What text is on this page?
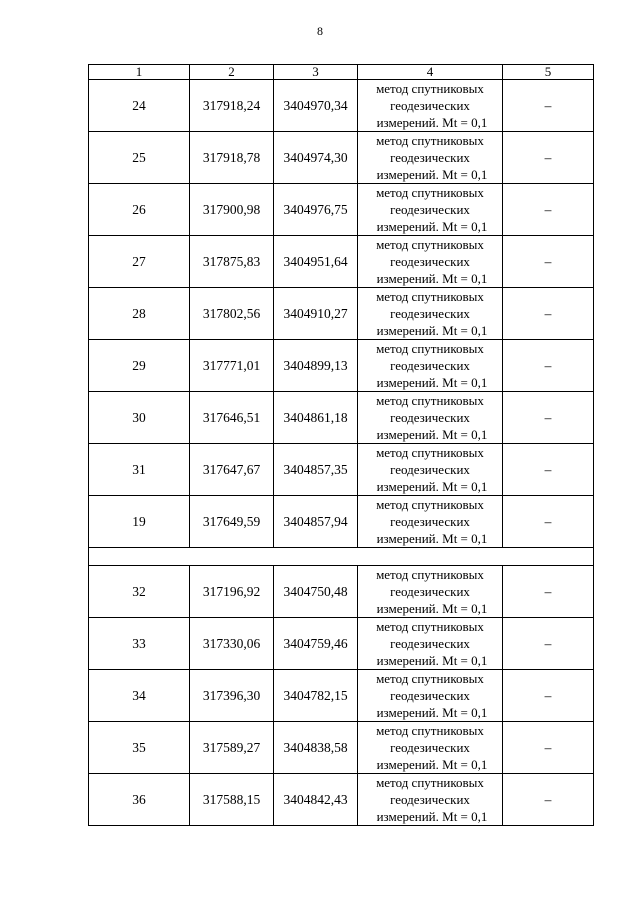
8
1	2	3	4	5
24	317918,24	3404970,34	метод спутниковых
геодезических
измерений. Mt = 0,1	–
25	317918,78	3404974,30	метод спутниковых
геодезических
измерений. Mt = 0,1	–
26	317900,98	3404976,75	метод спутниковых
геодезических
измерений. Mt = 0,1	–
27	317875,83	3404951,64	метод спутниковых
геодезических
измерений. Mt = 0,1	–
28	317802,56	3404910,27	метод спутниковых
геодезических
измерений. Mt = 0,1	–
29	317771,01	3404899,13	метод спутниковых
геодезических
измерений. Mt = 0,1	–
30	317646,51	3404861,18	метод спутниковых
геодезических
измерений. Mt = 0,1	–
31	317647,67	3404857,35	метод спутниковых
геодезических
измерений. Mt = 0,1	–
19	317649,59	3404857,94	метод спутниковых
геодезических
измерений. Mt = 0,1	–

32	317196,92	3404750,48	метод спутниковых
геодезических
измерений. Mt = 0,1	–
33	317330,06	3404759,46	метод спутниковых
геодезических
измерений. Mt = 0,1	–
34	317396,30	3404782,15	метод спутниковых
геодезических
измерений. Mt = 0,1	–
35	317589,27	3404838,58	метод спутниковых
геодезических
измерений. Mt = 0,1	–
36	317588,15	3404842,43	метод спутниковых
геодезических
измерений. Mt = 0,1	–
